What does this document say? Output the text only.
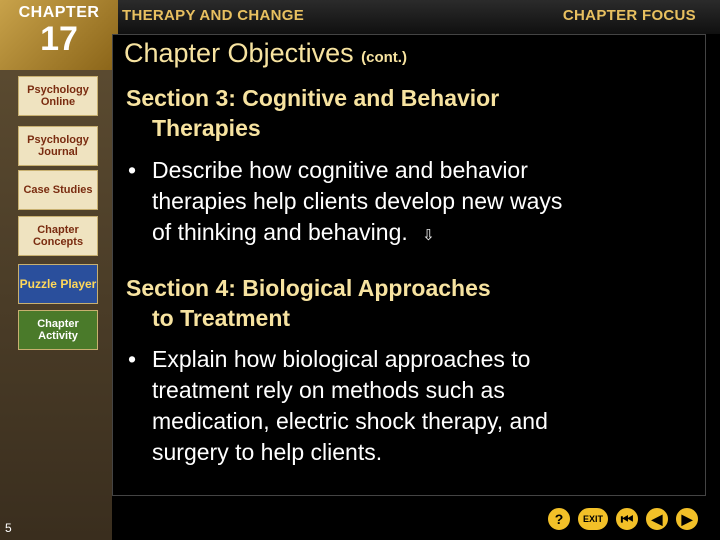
THERAPY AND CHANGE	CHAPTER FOCUS
CHAPTER
17
Psychology Online
Psychology Journal
Case Studies
Chapter Concepts
Puzzle Player
Chapter Activity
Chapter Objectives (cont.)
Section 3: Cognitive and Behavior
Therapies
• Describe how cognitive and behavior
therapies help clients develop new ways
of thinking and behaving. ⇩
Section 4: Biological Approaches
to Treatment
• Explain how biological approaches to
treatment rely on methods such as
medication, electric shock therapy, and
surgery to help clients.
5
?	EXIT	⏮	◀	▶
